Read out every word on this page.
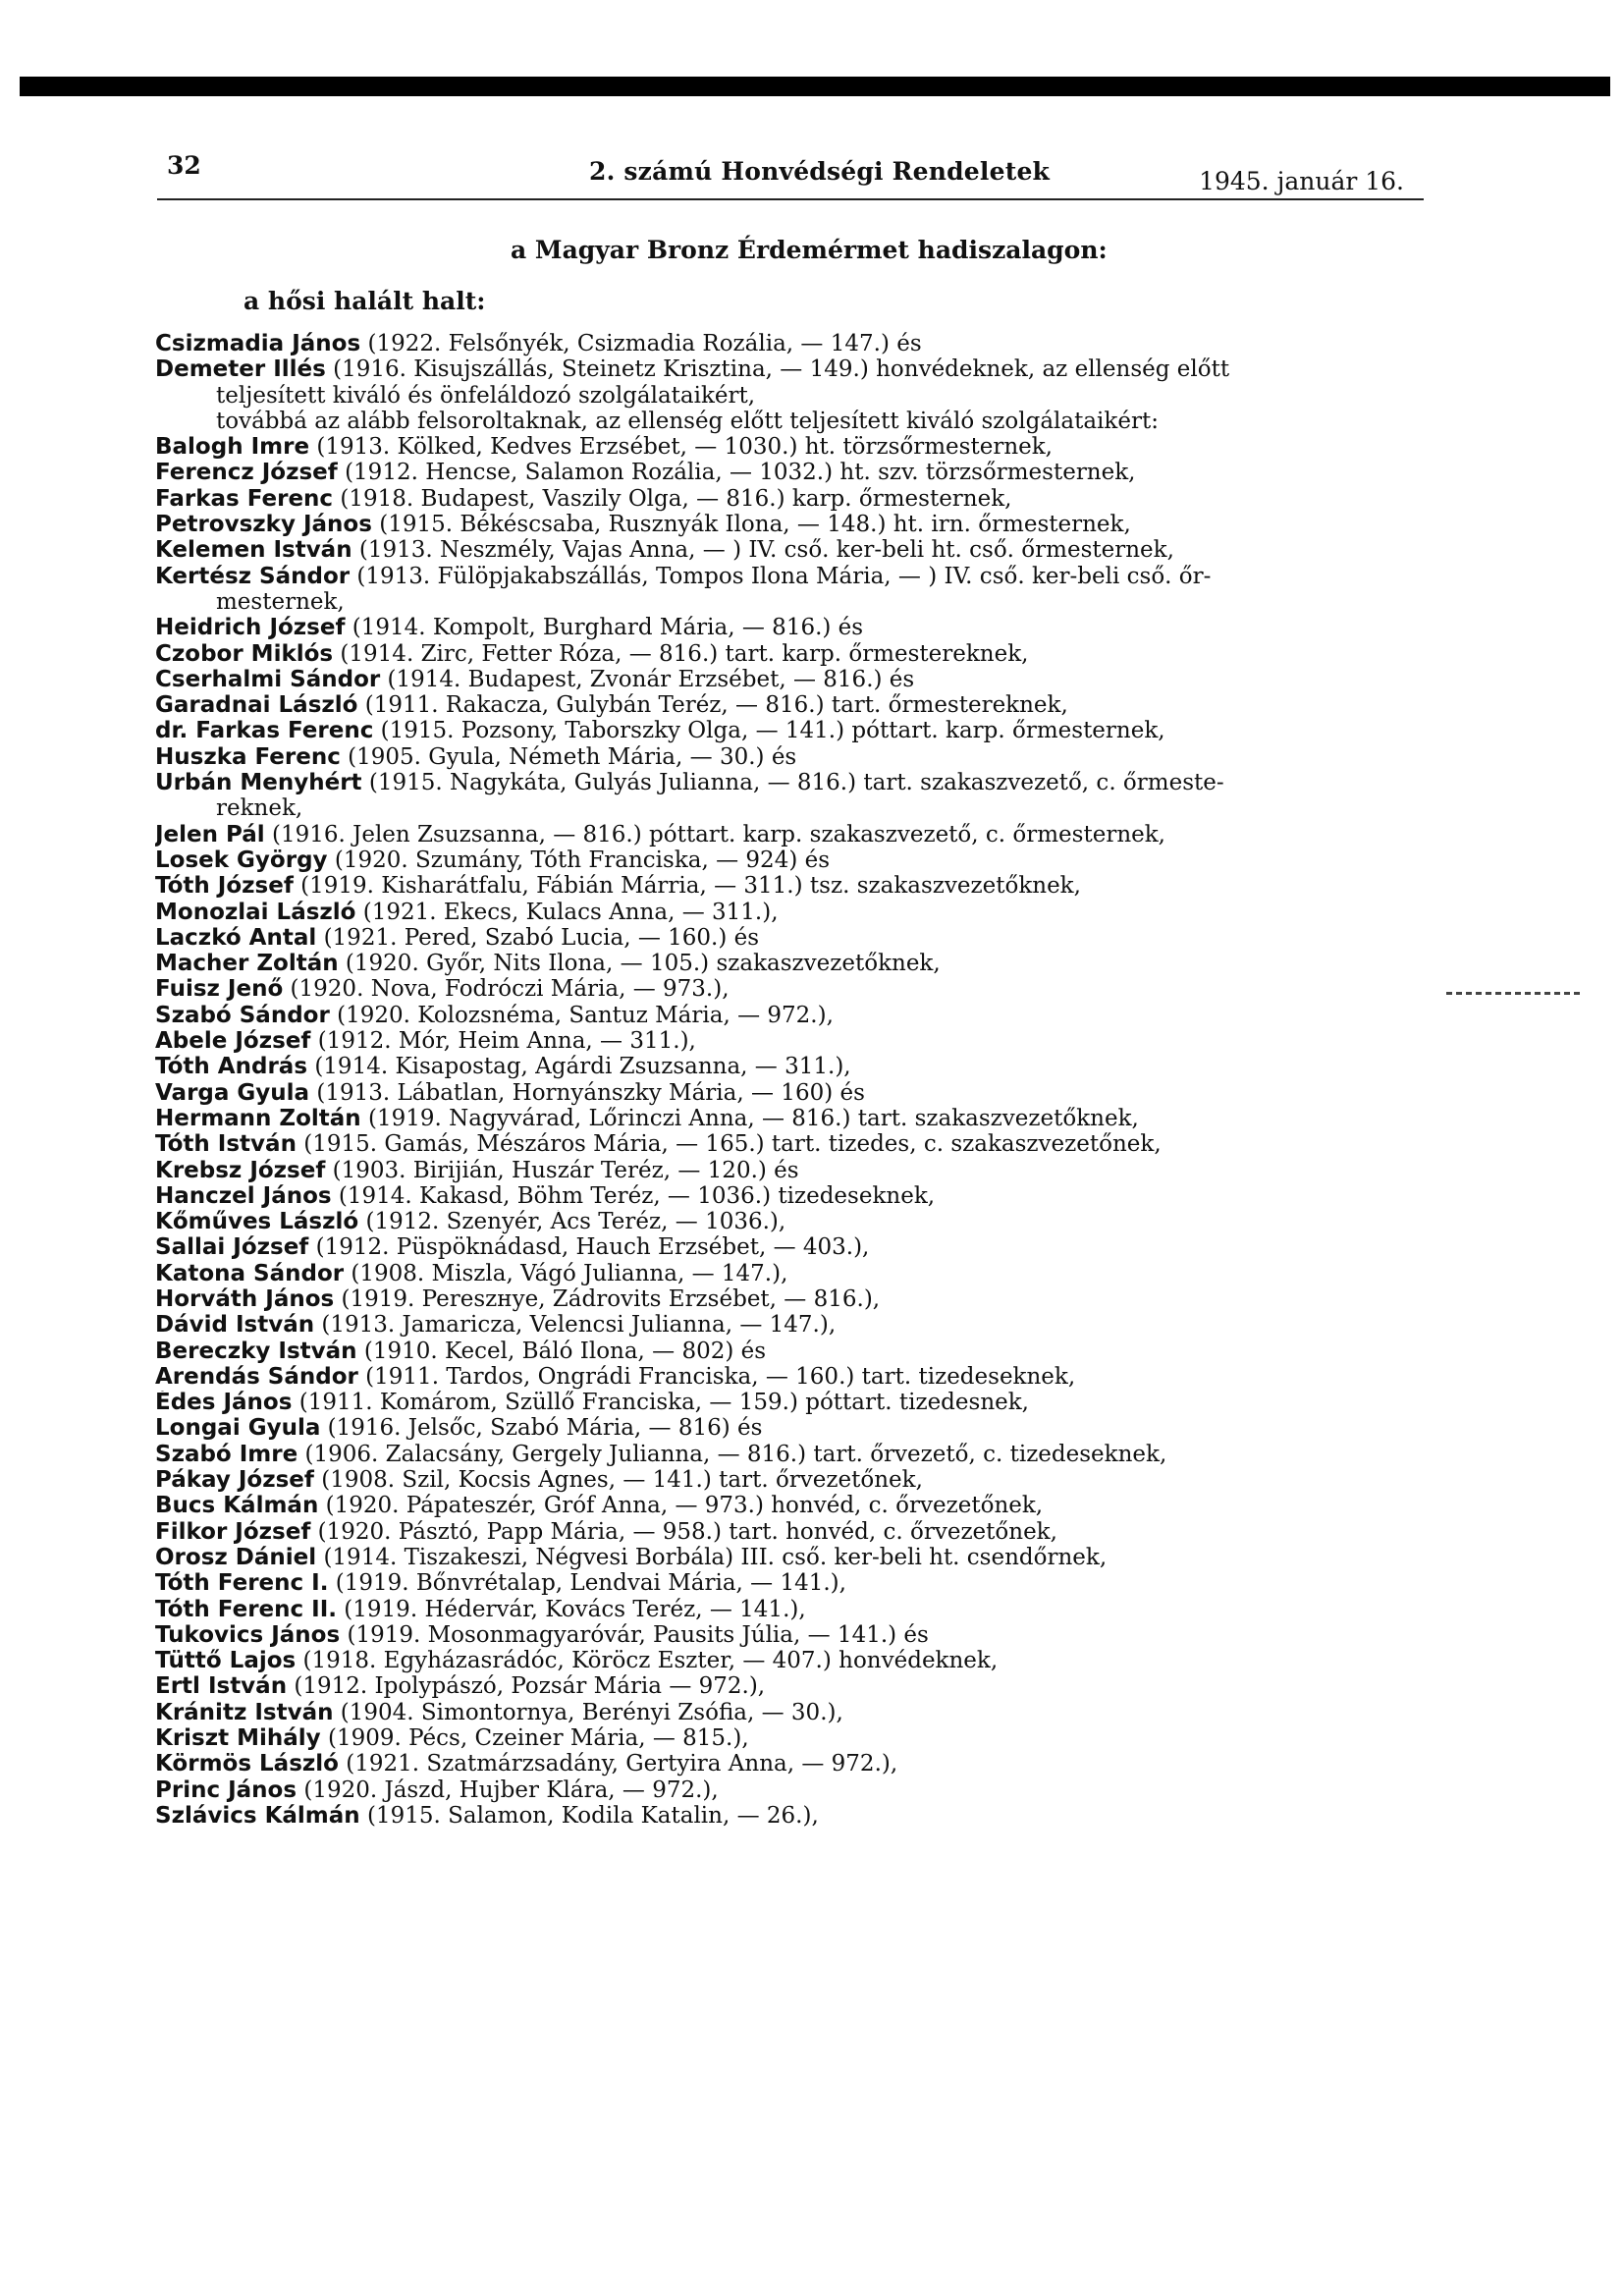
32	2. számú Honvédségi Rendeletek	1945. január 16.
a Magyar Bronz Érdemérmet hadiszalagon:
a hősi halált halt:
Csizmadia János (1922. Felsőnyék, Csizmadia Rozália, — 147.) és
Demeter Illés (1916. Kisujszállás, Steinetz Krisztina, — 149.) honvédeknek, az ellenség előtt
teljesített kiváló és önfeláldozó szolgálataikért,
továbbá az alább felsoroltaknak, az ellenség előtt teljesített kiváló szolgálataikért:
Balogh Imre (1913. Kölked, Kedves Erzsébet, — 1030.) ht. törzsőrmesternek,
Ferencz József (1912. Hencse, Salamon Rozália, — 1032.) ht. szv. törzsőrmesternek,
Farkas Ferenc (1918. Budapest, Vaszily Olga, — 816.) karp. őrmesternek,
Petrovszky János (1915. Békéscsaba, Rusznyák Ilona, — 148.) ht. irn. őrmesternek,
Kelemen István (1913. Neszmély, Vajas Anna, — ) IV. cső. ker-beli ht. cső. őrmesternek,
Kertész Sándor (1913. Fülöpjakabszállás, Tompos Ilona Mária, — ) IV. cső. ker-beli cső. őr-
mesternek,
Heidrich József (1914. Kompolt, Burghard Mária, — 816.) és
Czobor Miklós (1914. Zirc, Fetter Róza, — 816.) tart. karp. őrmestereknek,
Cserhalmi Sándor (1914. Budapest, Zvonár Erzsébet, — 816.) és
Garadnai László (1911. Rakacza, Gulybán Teréz, — 816.) tart. őrmestereknek,
dr. Farkas Ferenc (1915. Pozsony, Taborszky Olga, — 141.) póttart. karp. őrmesternek,
Huszka Ferenc (1905. Gyula, Németh Mária, — 30.) és
Urbán Menyhért (1915. Nagykáta, Gulyás Julianna, — 816.) tart. szakaszvezető, c. őrmeste-
reknek,
Jelen Pál (1916. Jelen Zsuzsanna, — 816.) póttart. karp. szakaszvezető, c. őrmesternek,
Losek György (1920. Szumány, Tóth Franciska, — 924) és
Tóth József (1919. Kisharátfalu, Fábián Márria, — 311.) tsz. szakaszvezetőknek,
Monozlai László (1921. Ekecs, Kulacs Anna, — 311.),
Laczkó Antal (1921. Pered, Szabó Lucia, — 160.) és
Macher Zoltán (1920. Győr, Nits Ilona, — 105.) szakaszvezetőknek,
Fuisz Jenő (1920. Nova, Fodróczi Mária, — 973.),
Szabó Sándor (1920. Kolozsnéma, Santuz Mária, — 972.),
Abele József (1912. Mór, Heim Anna, — 311.),
Tóth András (1914. Kisapostag, Agárdi Zsuzsanna, — 311.),
Varga Gyula (1913. Lábatlan, Hornyánszky Mária, — 160) és
Hermann Zoltán (1919. Nagyvárad, Lőrinczi Anna, — 816.) tart. szakaszvezetőknek,
Tóth István (1915. Gamás, Mészáros Mária, — 165.) tart. tizedes, c. szakaszvezetőnek,
Krebsz József (1903. Birijián, Huszár Teréz, — 120.) és
Hanczel János (1914. Kakasd, Böhm Teréz, — 1036.) tizedeseknek,
Kőműves László (1912. Szenyér, Ács Teréz, — 1036.),
Sallai József (1912. Püspöknádasd, Hauch Erzsébet, — 403.),
Katona Sándor (1908. Miszla, Vágó Julianna, — 147.),
Horváth János (1919. Pereszнye, Zádrovits Erzsébet, — 816.),
Dávid István (1913. Jamaricza, Velencsi Julianna, — 147.),
Bereczky István (1910. Kecel, Báló Ilona, — 802) és
Arendás Sándor (1911. Tardos, Ongrádi Franciska, — 160.) tart. tizedeseknek,
Édes János (1911. Komárom, Szüllő Franciska, — 159.) póttart. tizedesnek,
Longai Gyula (1916. Jelsőc, Szabó Mária, — 816) és
Szabó Imre (1906. Zalacsány, Gergely Julianna, — 816.) tart. őrvezető, c. tizedeseknek,
Pákay József (1908. Szil, Kocsis Ágnes, — 141.) tart. őrvezetőnek,
Bucs Kálmán (1920. Pápateszér, Gróf Anna, — 973.) honvéd, c. őrvezetőnek,
Filkor József (1920. Pásztó, Papp Mária, — 958.) tart. honvéd, c. őrvezetőnek,
Orosz Dániel (1914. Tiszakeszi, Négvesi Borbála) III. cső. ker-beli ht. csendőrnek,
Tóth Ferenc I. (1919. Bőnvrétalap, Lendvai Mária, — 141.),
Tóth Ferenc II. (1919. Hédervár, Kovács Teréz, — 141.),
Tukovics János (1919. Mosonmagyaróvár, Pausits Júlia, — 141.) és
Tüttő Lajos (1918. Egyházasrádóc, Köröcz Eszter, — 407.) honvédeknek,
Ertl István (1912. Ipolypászó, Pozsár Mária — 972.),
Kránitz István (1904. Simontornya, Berényi Zsófia, — 30.),
Kriszt Mihály (1909. Pécs, Czeiner Mária, — 815.),
Körmös László (1921. Szatmárzsadány, Gertyira Anna, — 972.),
Princ János (1920. Jászd, Hujber Klára, — 972.),
Szlávics Kálmán (1915. Salamon, Kodila Katalin, — 26.),
